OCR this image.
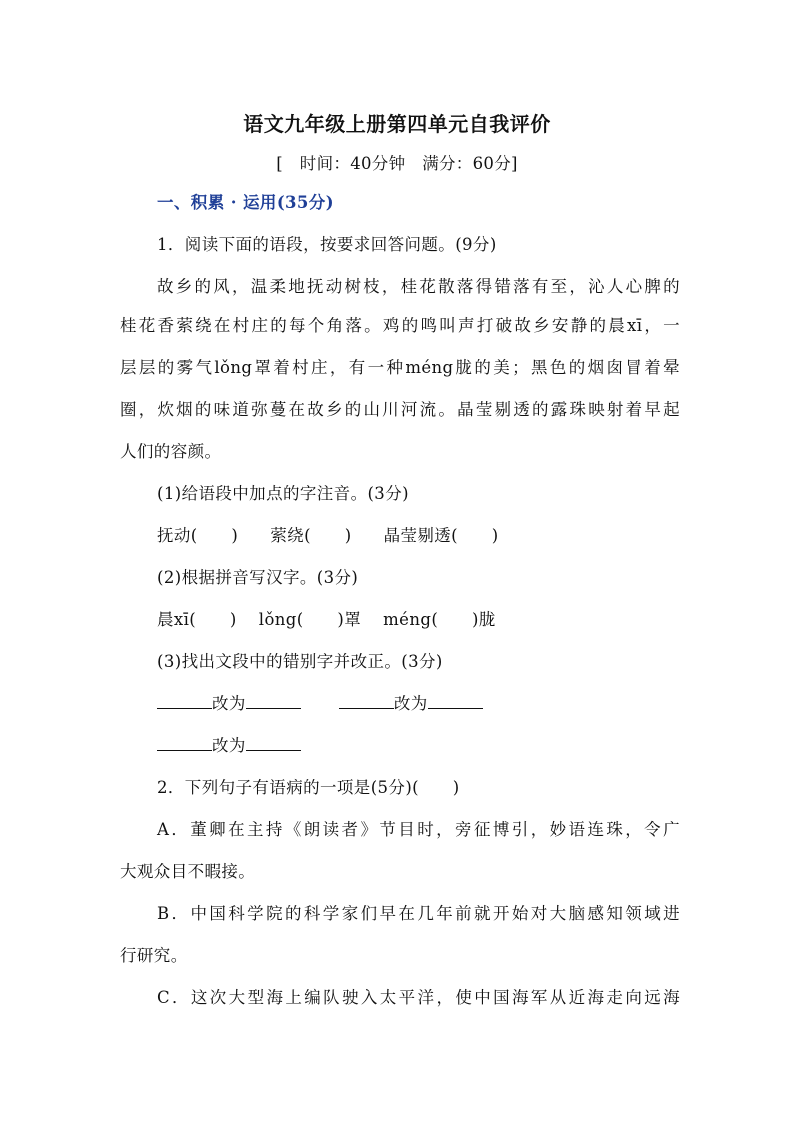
语文九年级上册第四单元自我评价
[　时间：40分钟　满分：60分]
一、积累 · 运用(35分)
1．阅读下面的语段，按要求回答问题。(9分)
故乡的风，温柔地抚动树枝，桂花散落得错落有至，沁人心脾的
桂花香萦绕在村庄的每个角落。鸡的鸣叫声打破故乡安静的晨xī，一
层层的雾气lǒng罩着村庄，有一种méng胧的美；黑色的烟囱冒着晕
圈，炊烟的味道弥蔓在故乡的山川河流。晶莹剔透的露珠映射着早起
人们的容颜。
(1)给语段中加点的字注音。(3分)
抚动(　　) 萦绕(　　) 晶莹剔透(　　)
(2)根据拼音写汉字。(3分)
晨xī(　　) lǒng(　　)罩 méng(　　)胧
(3)找出文段中的错别字并改正。(3分)
改为	改为
改为
2．下列句子有语病的一项是(5分)(　　)
A．董卿在主持《朗读者》节目时，旁征博引，妙语连珠，令广
大观众目不暇接。
B．中国科学院的科学家们早在几年前就开始对大脑感知领域进
行研究。
C．这次大型海上编队驶入太平洋，使中国海军从近海走向远海
